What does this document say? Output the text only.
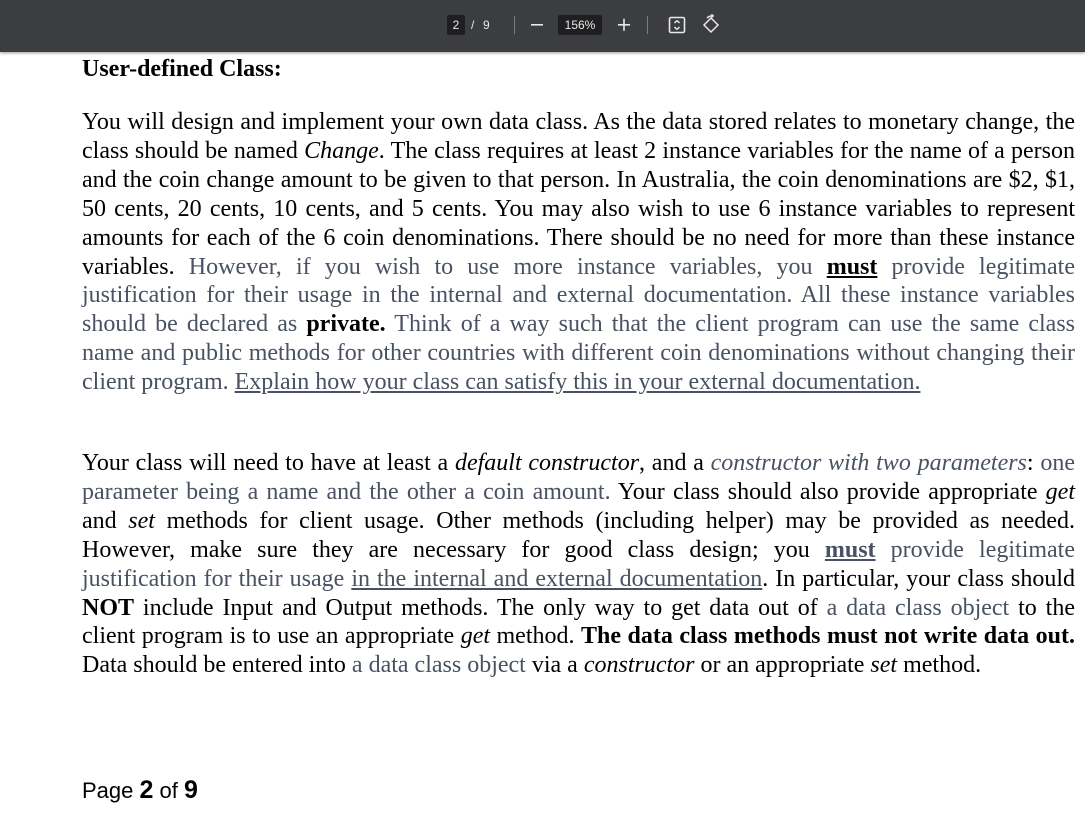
2 / 9	156%
User-defined Class:
You will design and implement your own data class. As the data stored relates to monetary change, the class should be named Change. The class requires at least 2 instance variables for the name of a person and the coin change amount to be given to that person. In Australia, the coin denominations are $2, $1, 50 cents, 20 cents, 10 cents, and 5 cents. You may also wish to use 6 instance variables to represent amounts for each of the 6 coin denominations. There should be no need for more than these instance variables. However, if you wish to use more instance variables, you must provide legitimate justification for their usage in the internal and external documentation. All these instance variables should be declared as private. Think of a way such that the client program can use the same class name and public methods for other countries with different coin denominations without changing their client program. Explain how your class can satisfy this in your external documentation.
Your class will need to have at least a default constructor, and a constructor with two parameters: one parameter being a name and the other a coin amount. Your class should also provide appropriate get and set methods for client usage. Other methods (including helper) may be provided as needed. However, make sure they are necessary for good class design; you must provide legitimate justification for their usage in the internal and external documentation. In particular, your class should NOT include Input and Output methods. The only way to get data out of a data class object to the client program is to use an appropriate get method. The data class methods must not write data out. Data should be entered into a data class object via a constructor or an appropriate set method.
Page 2 of 9
